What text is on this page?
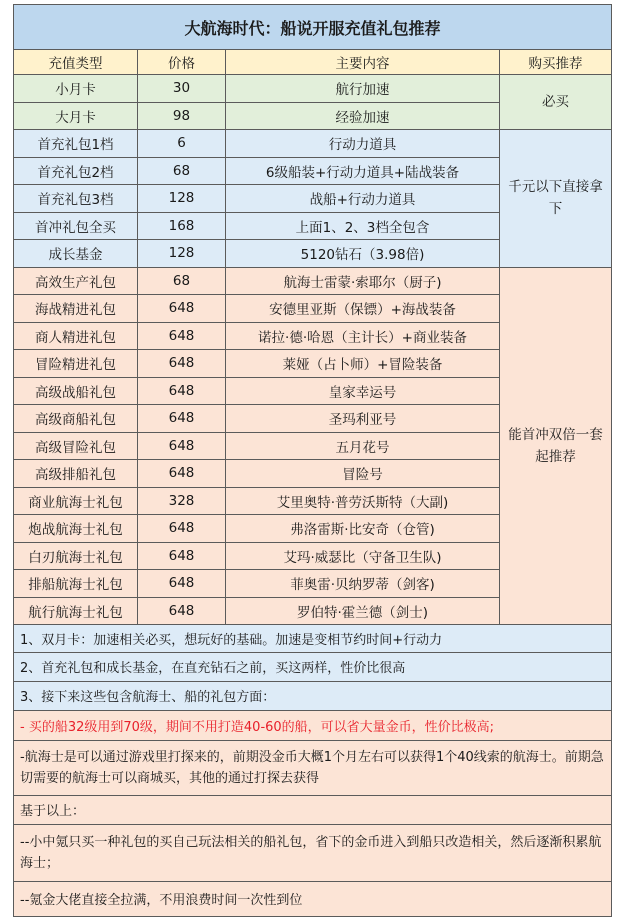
大航海时代：船说开服充值礼包推荐			
充值类型	价格	主要内容	购买推荐
小月卡	30	航行加速	必买
大月卡	98	经验加速	
首充礼包1档	6	行动力道具	千元以下直接拿下
首充礼包2档	68	6级船装+行动力道具+陆战装备	
首充礼包3档	128	战船+行动力道具	
首冲礼包全买	168	上面1、2、3档全包含	
成长基金	128	5120钻石（3.98倍)	
高效生产礼包	68	航海士雷蒙·索耶尔（厨子)	能首冲双倍一套起推荐
海战精进礼包	648	安德里亚斯（保镖）+海战装备	
商人精进礼包	648	诺拉·德·哈恩（主计长）+商业装备	
冒险精进礼包	648	莱娅（占卜师）+冒险装备	
高级战船礼包	648	皇家幸运号	
高级商船礼包	648	圣玛利亚号	
高级冒险礼包	648	五月花号	
高级排船礼包	648	冒险号	
商业航海士礼包	328	艾里奥特·普劳沃斯特（大副)	
炮战航海士礼包	648	弗洛雷斯·比安奇（仓管)	
白刃航海士礼包	648	艾玛·威瑟比（守备卫生队)	
排船航海士礼包	648	菲奥雷·贝纳罗蒂（剑客)	
航行航海士礼包	648	罗伯特·霍兰德（剑士)	
1、双月卡：加速相关必买，想玩好的基础。加速是变相节约时间+行动力			
2、首充礼包和成长基金，在直充钻石之前，买这两样，性价比很高			
3、接下来这些包含航海士、船的礼包方面：			
- 买的船32级用到70级，期间不用打造40-60的船，可以省大量金币，性价比极高;			
-航海士是可以通过游戏里打探来的，前期没金币大概1个月左右可以获得1个40线索的航海士。前期急切需要的航海士可以商城买，其他的通过打探去获得			
基于以上：			
--小中氪只买一种礼包的买自己玩法相关的船礼包，省下的金币进入到船只改造相关，然后逐渐积累航海士；			
--氪金大佬直接全拉满，不用浪费时间一次性到位			
